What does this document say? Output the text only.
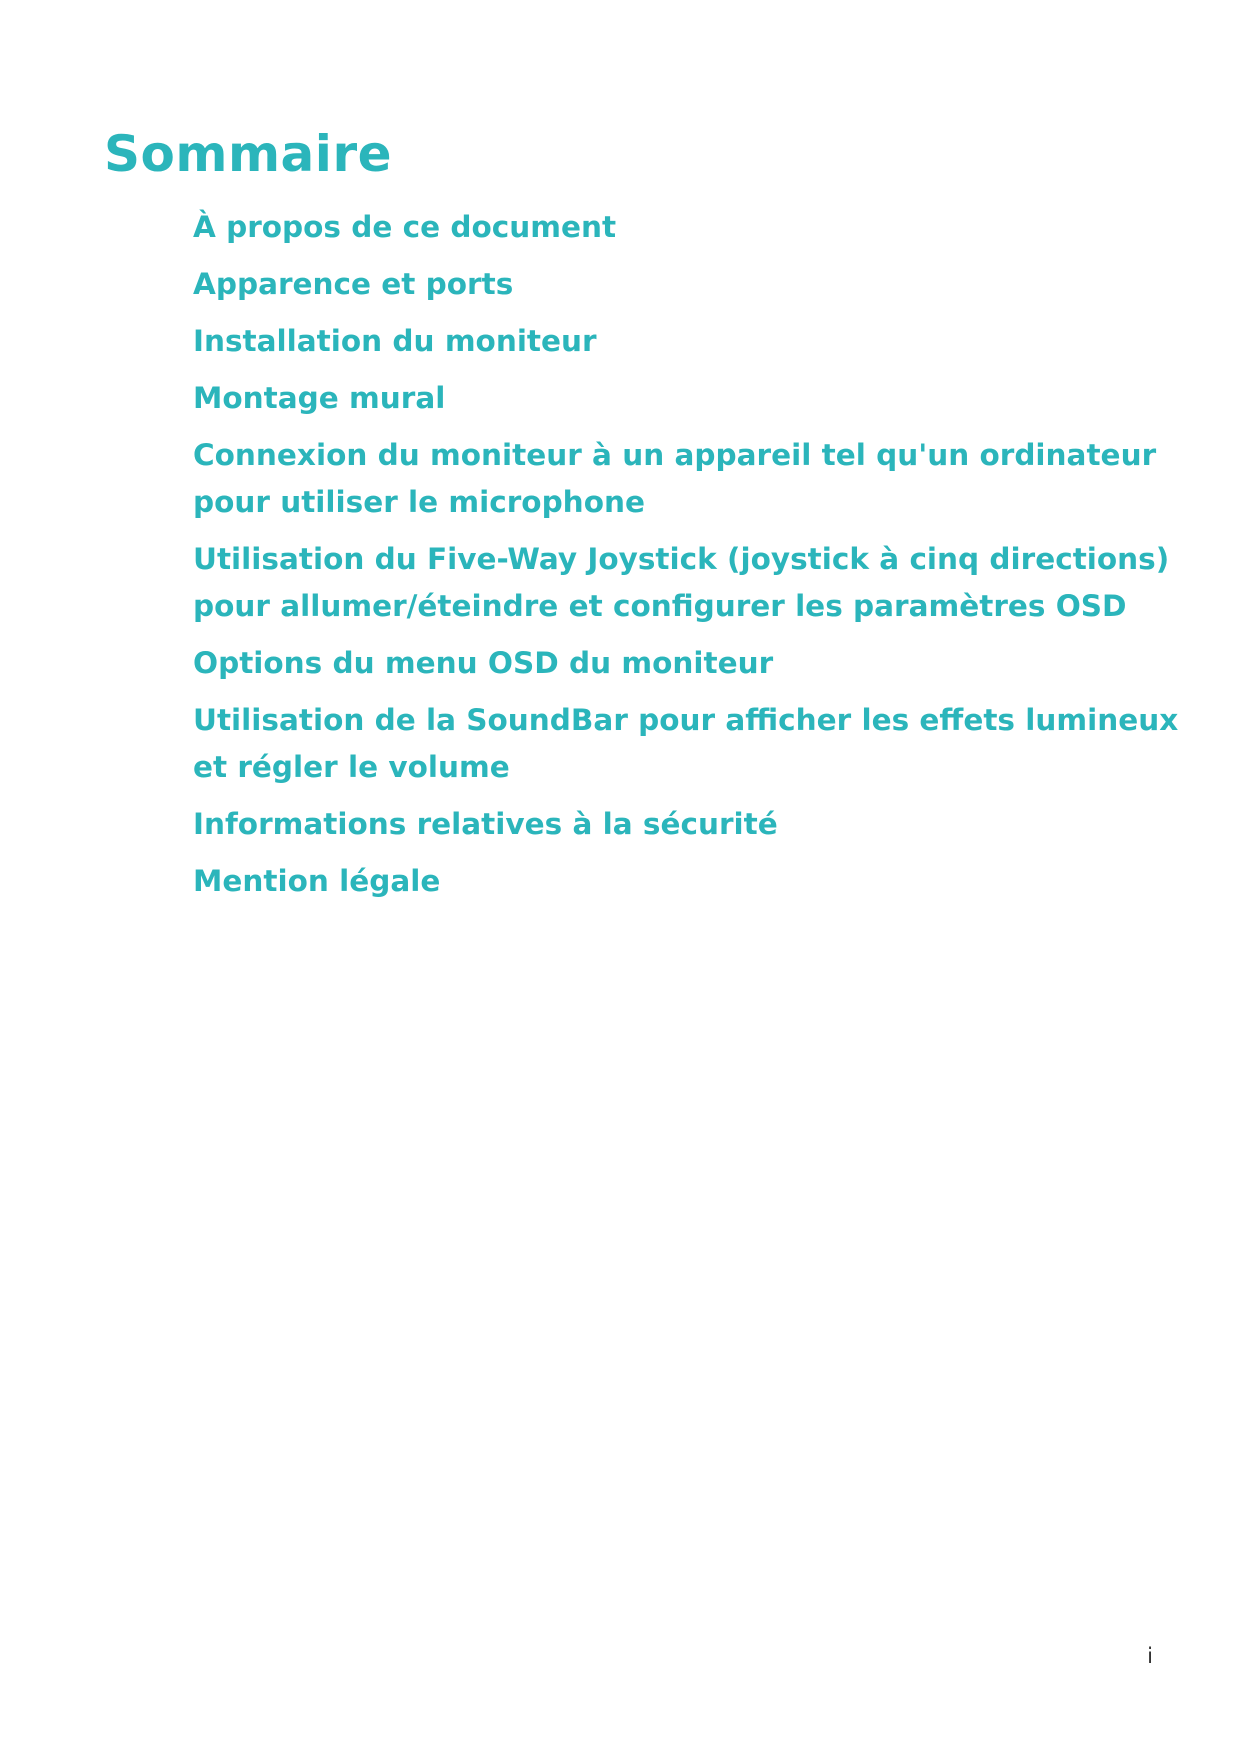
Sommaire
À propos de ce document
Apparence et ports
Installation du moniteur
Montage mural
Connexion du moniteur à un appareil tel qu'un ordinateur
pour utiliser le microphone
Utilisation du Five-Way Joystick (joystick à cinq directions)
pour allumer/éteindre et configurer les paramètres OSD
Options du menu OSD du moniteur
Utilisation de la SoundBar pour afficher les effets lumineux
et régler le volume
Informations relatives à la sécurité
Mention légale
i
